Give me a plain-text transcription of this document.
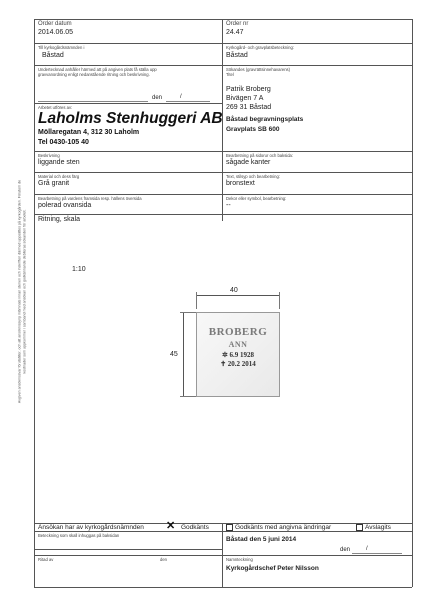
Avgiven ansöknissvar förutsätter, och att ansöknissynp inlämnats innan stenen och inskriften därmed uppsättes på kyrkogården. Förutom de kostnader som uppkommer i samband med ansökan och godkännande debiteras sökanden för arbetet.
Order datum
2014.06.05
Order nr
24.47
Till kyrkogårdsnämnden i
Båstad
Kyrkogård- och gravplatsbeteckning:
Båstad
Undertecknad anhåller härmed att på angiven plats få ställa upp
gravvanordning enligt nedanstående ritning och beskrivning.
den	/
Arbetet utföres av:
Laholms Stenhuggeri AB
Möllaregatan 4, 312 30 Laholm
Tel 0430-105 40
Sökandes (gravrättsinnehavarens)
Titel
Patrik Broberg
Bivägen 7 A
269 31 Båstad
Båstad begravningsplats
Gravplats SB 600
Beskrivning
liggande sten
Bearbetning på sidorur och baksida:
sågade kanter
Material och dess färg
Grå granit
Text, stilsyp och bearbetning:
bronstext
Bearbetning på vardens framsida resp. hällens översida
polerad ovansida
Dekor eller symbol, bearbetning:
--
Ritning, skala
1:10
40
45
BROBERG
ANN
✲ 6.9 1928
✝ 20.2 2014
Ansökan har av kyrkogårdsnämnden ✕ Godkänts	Godkänts med angivna ändringar	Avslagits
Beteckning som skall inhuggas på baksidan
Båstad den 5 juni 2014
den	/
Ritad av	den	Namnteckning
Kyrkogårdschef Peter Nilsson
